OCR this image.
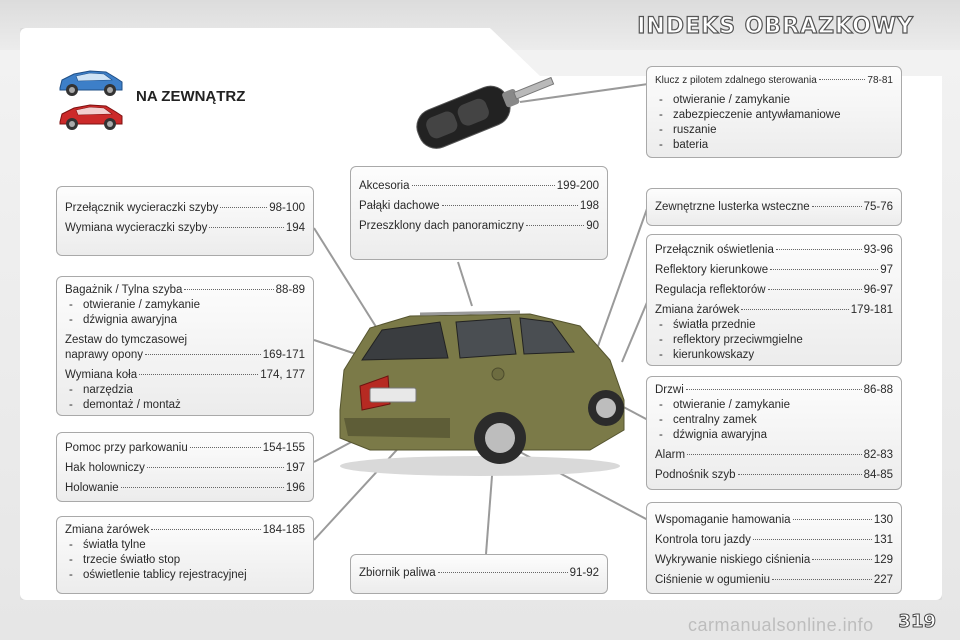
INDEKS OBRAZKOWY
NA ZEWNĄTRZ
Klucz z pilotem zdalnego sterowania	78-81
- otwieranie / zamykanie
- zabezpieczenie antywłamaniowe
- ruszanie
- bateria
Przełącznik wycieraczki szyby	98-100
Wymiana wycieraczki szyby	194
Bagażnik / Tylna szyba	88-89
- otwieranie / zamykanie
- dźwignia awaryjna
Zestaw do tymczasowej
naprawy opony	169-171
Wymiana koła	174, 177
- narzędzia
- demontaż / montaż
Pomoc przy parkowaniu	154-155
Hak holowniczy	197
Holowanie	196
Zmiana żarówek	184-185
- światła tylne
- trzecie światło stop
- oświetlenie tablicy rejestracyjnej
Akcesoria	199-200
Pałąki dachowe	198
Przeszklony dach panoramiczny	90
Zbiornik paliwa	91-92
Zewnętrzne lusterka wsteczne	75-76
Przełącznik oświetlenia	93-96
Reflektory kierunkowe	97
Regulacja reflektorów	96-97
Zmiana żarówek	179-181
- światła przednie
- reflektory przeciwmgielne
- kierunkowskazy
Drzwi	86-88
- otwieranie / zamykanie
- centralny zamek
- dźwignia awaryjna
Alarm	82-83
Podnośnik szyb	84-85
Wspomaganie hamowania	130
Kontrola toru jazdy	131
Wykrywanie niskiego ciśnienia	129
Ciśnienie w ogumieniu	227
carmanualsonline.info 319
